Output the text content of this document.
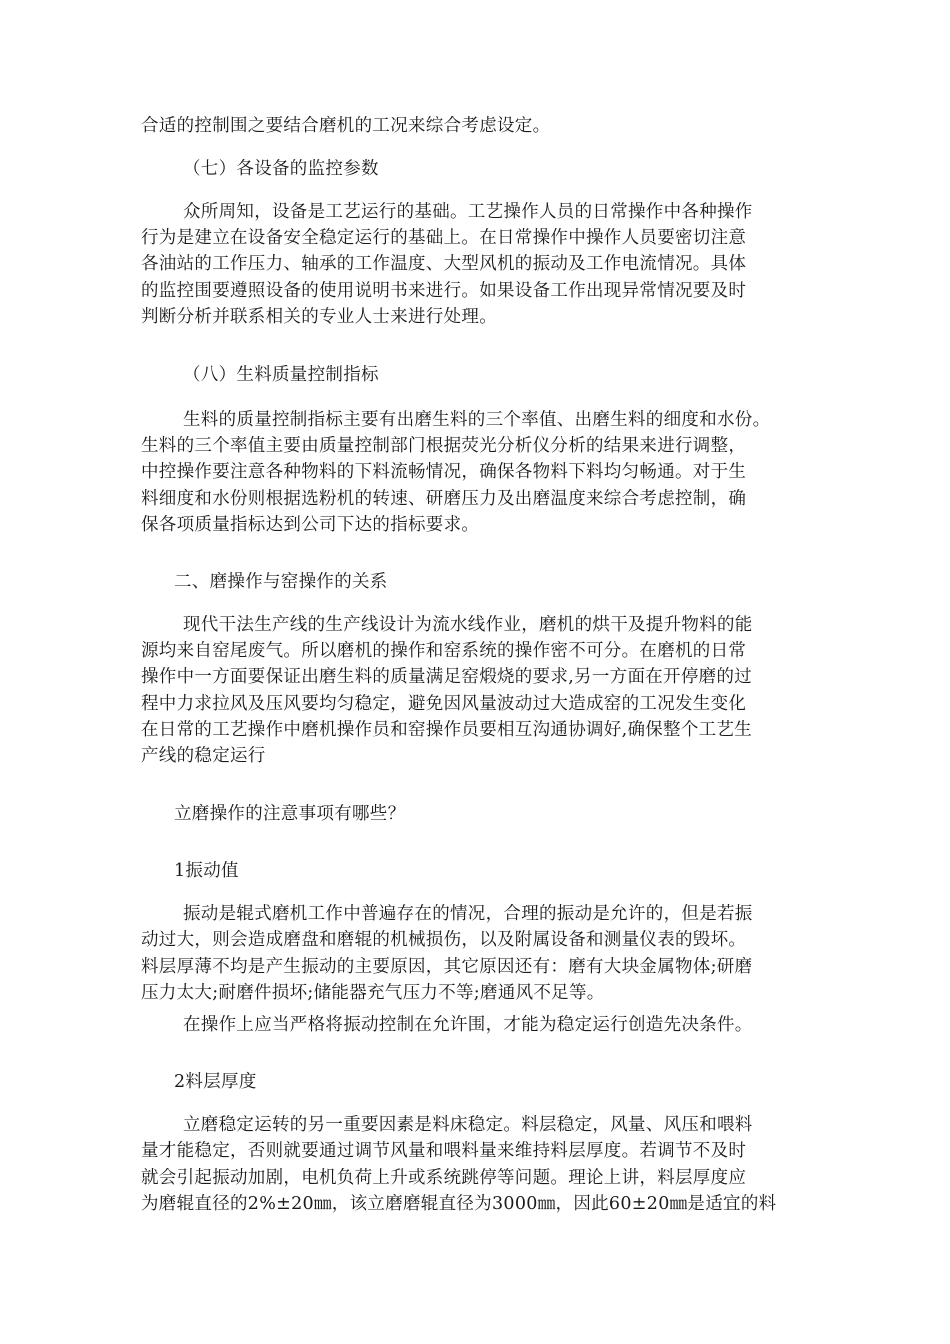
合适的控制围之要结合磨机的工况来综合考虑设定。
（七）各设备的监控参数
众所周知，设备是工艺运行的基础。工艺操作人员的日常操作中各种操作
行为是建立在设备安全稳定运行的基础上。在日常操作中操作人员要密切注意
各油站的工作压力、轴承的工作温度、大型风机的振动及工作电流情况。具体
的监控围要遵照设备的使用说明书来进行。如果设备工作出现异常情况要及时
判断分析并联系相关的专业人士来进行处理。
（八）生料质量控制指标
生料的质量控制指标主要有出磨生料的三个率值、出磨生料的细度和水份。
生料的三个率值主要由质量控制部门根据荧光分析仪分析的结果来进行调整，
中控操作要注意各种物料的下料流畅情况，确保各物料下料均匀畅通。对于生
料细度和水份则根据选粉机的转速、研磨压力及出磨温度来综合考虑控制，确
保各项质量指标达到公司下达的指标要求。
二、磨操作与窑操作的关系
现代干法生产线的生产线设计为流水线作业，磨机的烘干及提升物料的能
源均来自窑尾废气。所以磨机的操作和窑系统的操作密不可分。在磨机的日常
操作中一方面要保证出磨生料的质量满足窑煅烧的要求,另一方面在开停磨的过
程中力求拉风及压风要均匀稳定，避免因风量波动过大造成窑的工况发生变化
在日常的工艺操作中磨机操作员和窑操作员要相互沟通协调好,确保整个工艺生
产线的稳定运行
立磨操作的注意事项有哪些？
1振动值
振动是辊式磨机工作中普遍存在的情况，合理的振动是允许的，但是若振
动过大，则会造成磨盘和磨辊的机械损伤，以及附属设备和测量仪表的毁坏。
料层厚薄不均是产生振动的主要原因，其它原因还有：磨有大块金属物体;研磨
压力太大;耐磨件损坏;储能器充气压力不等;磨通风不足等。
在操作上应当严格将振动控制在允许围，才能为稳定运行创造先决条件。
2料层厚度
立磨稳定运转的另一重要因素是料床稳定。料层稳定，风量、风压和喂料
量才能稳定，否则就要通过调节风量和喂料量来维持料层厚度。若调节不及时
就会引起振动加剧，电机负荷上升或系统跳停等问题。理论上讲，料层厚度应
为磨辊直径的2%±20㎜，该立磨磨辊直径为3000㎜，因此60±20㎜是适宜的料
